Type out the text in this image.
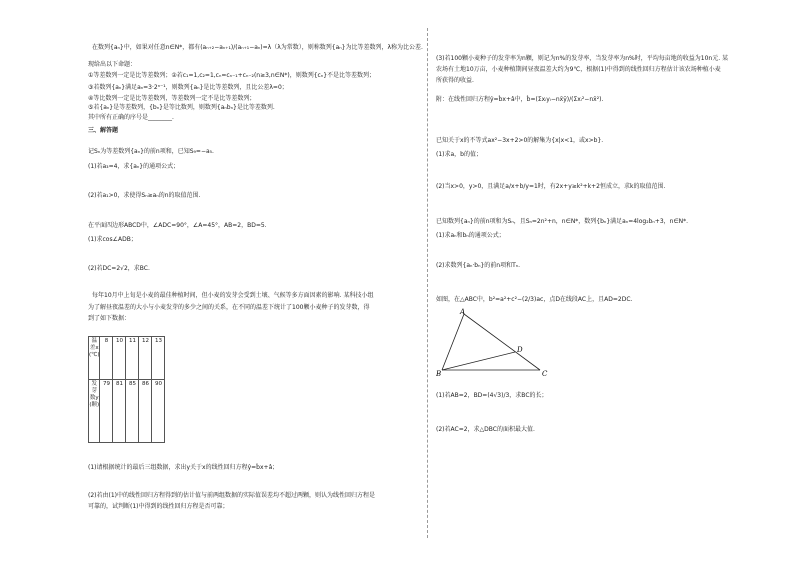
在数列{aₙ}中，如果对任意n∈N*，都有(aₙ₊₂−aₙ₊₁)/(aₙ₊₁−aₙ)=λ（λ为常数），则称数列{aₙ}为比等差数列，λ称为比公差.
现给出以下命题：
①等差数列一定是比等差数列；②若c₁=1,c₂=1,cₙ=cₙ₋₁+cₙ₋₂(n≥3,n∈N*)，则数列{cₙ}不是比等差数列；
③若数列{aₙ}满足aₙ=3·2ⁿ⁻¹，则数列{aₙ}是比等差数列，且比公差λ=0；
④等比数列一定是比等差数列，等差数列一定不是比等差数列；
⑤若{aₙ}是等差数列，{bₙ}是等比数列，则数列{aₙbₙ}是比等差数列.
其中所有正确的序号是________.
三、解答题
记Sₙ为等差数列{aₙ}的前n项和，已知S₉=−a₅.
(1)若a₃=4，求{aₙ}的通项公式；
(2)若a₁>0，求使得Sₙ≥aₙ的n的取值范围.
在平面四边形ABCD中，∠ADC=90°，∠A=45°，AB=2，BD=5.
(1)求cos∠ADB；
(2)若DC=2√2，求BC.
每年10月中上旬是小麦的最佳种植时间，但小麦的发芽会受到土壤、气候等多方面因素的影响. 某科技小组
为了解昼夜温差的大小与小麦发芽的多少之间的关系，在不同的温差下统计了100颗小麦种子的发芽数，得
到了如下数据：
温差x(℃)	8	10	11	12	13
发芽数y(颗)	79	81	85	86	90
(1)请根据统计的最后三组数据，求出y关于x的线性回归方程ŷ=b̂x+â；
(2)若由(1)中的线性回归方程得到的估计值与前两组数据的实际值误差均不超过两颗，则认为线性回归方程是
可靠的，试判断(1)中得到的线性回归方程是否可靠；
(3)若100颗小麦种子的发芽率为n颗，则记为n%的发芽率，当发芽率为n%时，平均每亩地的收益为10n元. 某
农场有土地10万亩，小麦种植期间昼夜温差大约为9℃，根据(1)中得到的线性回归方程估计该农场种植小麦
所获得的收益.
附：在线性回归方程ŷ=b̂x+â中，b̂=(Σxᵢyᵢ−nx̄ȳ)/(Σxᵢ²−nx̄²).
已知关于x的不等式ax²−3x+2>0的解集为{x|x<1，或x>b}.
(1)求a，b的值；
(2)当x>0，y>0，且满足a/x+b/y=1时，有2x+y≥k²+k+2恒成立，求k的取值范围.
已知数列{aₙ}的前n项和为Sₙ，且Sₙ=2n²+n，n∈N*，数列{bₙ}满足aₙ=4log₂bₙ+3，n∈N*.
(1)求aₙ和bₙ的通项公式；
(2)求数列{aₙ·bₙ}的前n项和Tₙ.
如图，在△ABC中，b²=a²+c²−(2/3)ac，点D在线段AC上，且AD=2DC.
A
B	C
D
(1)若AB=2，BD=(4√3)/3，求BC的长；
(2)若AC=2，求△DBC的面积最大值.
